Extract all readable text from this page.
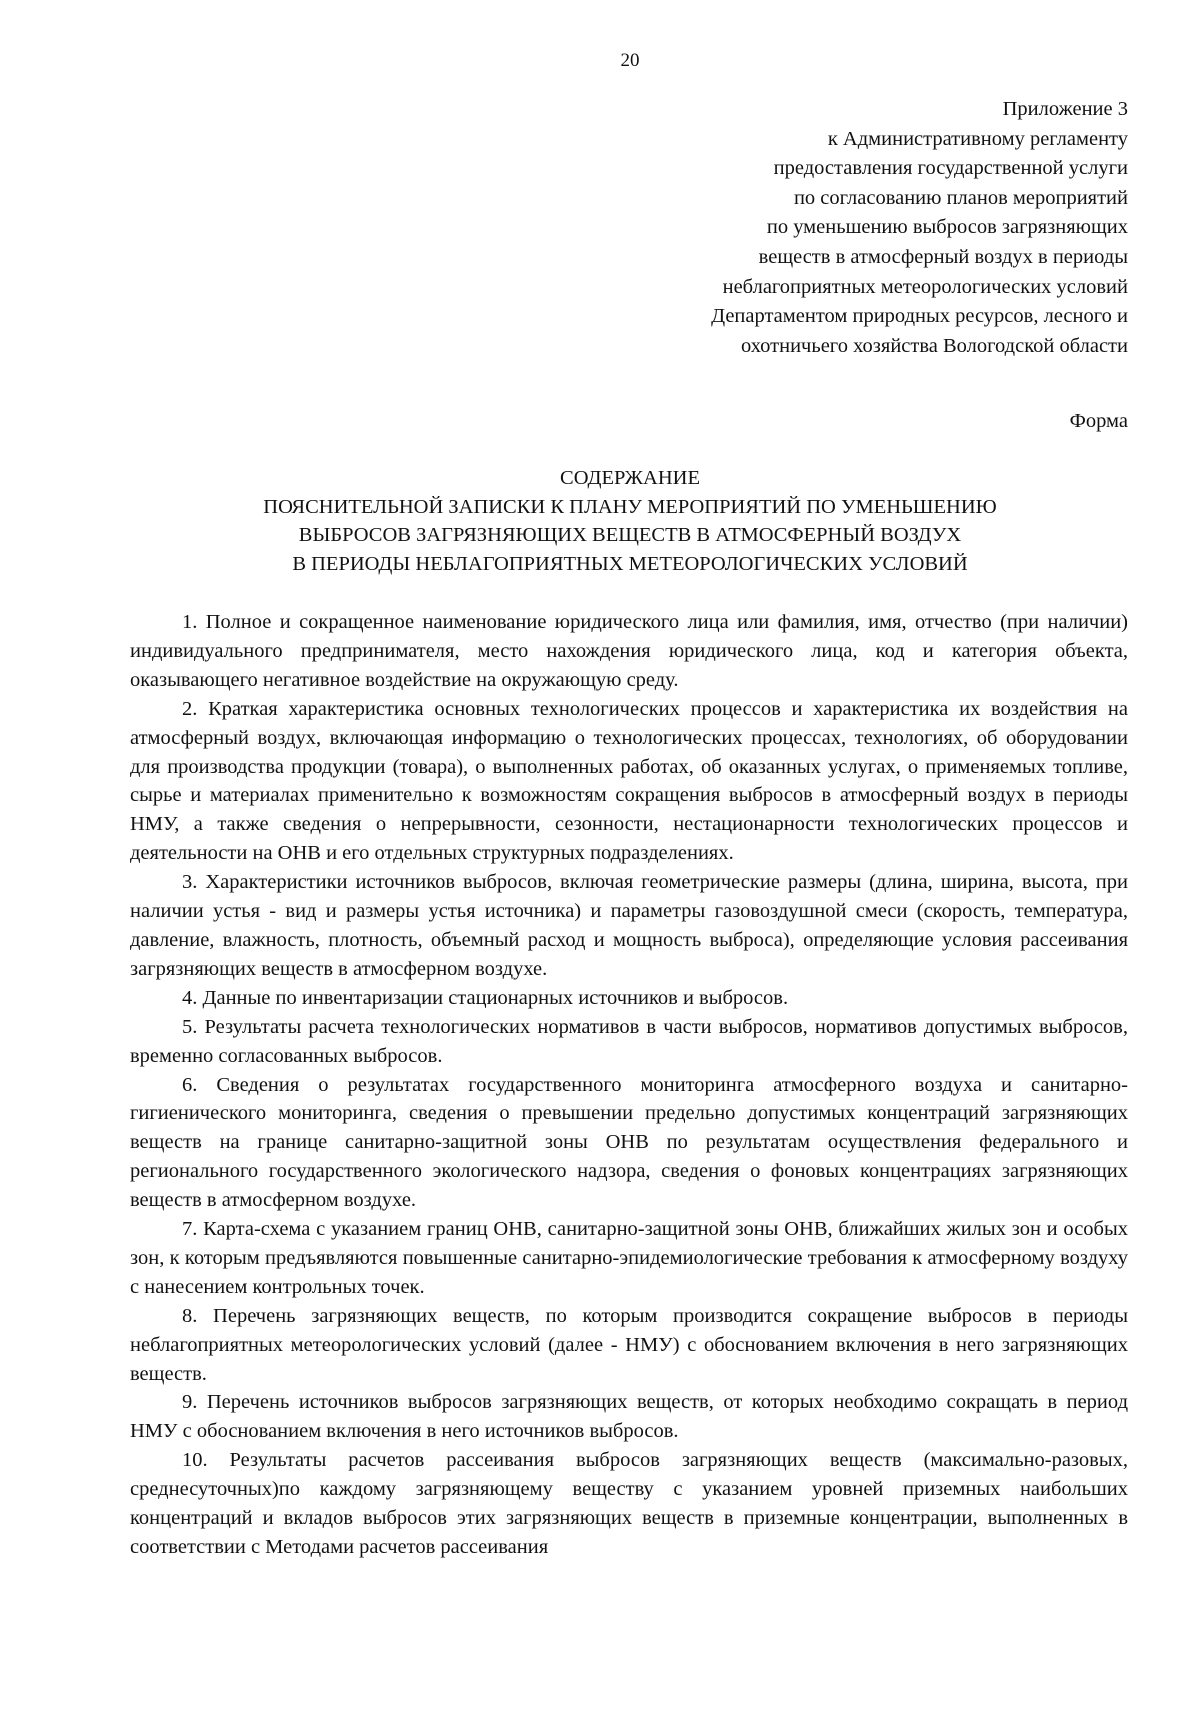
20
Приложение 3
к Административному регламенту
предоставления государственной услуги
по согласованию планов мероприятий
по уменьшению выбросов загрязняющих
веществ в атмосферный воздух в периоды
неблагоприятных метеорологических условий
Департаментом природных ресурсов, лесного и
охотничьего хозяйства Вологодской области
Форма
СОДЕРЖАНИЕ
ПОЯСНИТЕЛЬНОЙ ЗАПИСКИ К ПЛАНУ МЕРОПРИЯТИЙ ПО УМЕНЬШЕНИЮ
ВЫБРОСОВ ЗАГРЯЗНЯЮЩИХ ВЕЩЕСТВ В АТМОСФЕРНЫЙ ВОЗДУХ
В ПЕРИОДЫ НЕБЛАГОПРИЯТНЫХ МЕТЕОРОЛОГИЧЕСКИХ УСЛОВИЙ

1. Полное и сокращенное наименование юридического лица или фамилия, имя, отчество (при наличии) индивидуального предпринимателя, место нахождения юридического лица, код и категория объекта, оказывающего негативное воздействие на окружающую среду.

2. Краткая характеристика основных технологических процессов и характеристика их воздействия на атмосферный воздух, включающая информацию о технологических процессах, технологиях, об оборудовании для производства продукции (товара), о выполненных работах, об оказанных услугах, о применяемых топливе, сырье и материалах применительно к возможностям сокращения выбросов в атмосферный воздух в периоды НМУ, а также сведения о непрерывности, сезонности, нестационарности технологических процессов и деятельности на ОНВ и его отдельных структурных подразделениях.

3. Характеристики источников выбросов, включая геометрические размеры (длина, ширина, высота, при наличии устья - вид и размеры устья источника) и параметры газовоздушной смеси (скорость, температура, давление, влажность, плотность, объемный расход и мощность выброса), определяющие условия рассеивания загрязняющих веществ в атмосферном воздухе.

4. Данные по инвентаризации стационарных источников и выбросов.

5. Результаты расчета технологических нормативов в части выбросов, нормативов допустимых выбросов, временно согласованных выбросов.

6. Сведения о результатах государственного мониторинга атмосферного воздуха и санитарно-гигиенического мониторинга, сведения о превышении предельно допустимых концентраций загрязняющих веществ на границе санитарно-защитной зоны ОНВ по результатам осуществления федерального и регионального государственного экологического надзора, сведения о фоновых концентрациях загрязняющих веществ в атмосферном воздухе.

7. Карта-схема с указанием границ ОНВ, санитарно-защитной зоны ОНВ, ближайших жилых зон и особых зон, к которым предъявляются повышенные санитарно-эпидемиологические требования к атмосферному воздуху с нанесением контрольных точек.

8. Перечень загрязняющих веществ, по которым производится сокращение выбросов в периоды неблагоприятных метеорологических условий (далее - НМУ) с обоснованием включения в него загрязняющих веществ.

9. Перечень источников выбросов загрязняющих веществ, от которых необходимо сокращать в период НМУ с обоснованием включения в него источников выбросов.

10. Результаты расчетов рассеивания выбросов загрязняющих веществ (максимально-разовых, среднесуточных)по каждому загрязняющему веществу с указанием уровней приземных наибольших концентраций и вкладов выбросов этих загрязняющих веществ в приземные концентрации, выполненных в соответствии с Методами расчетов рассеивания
